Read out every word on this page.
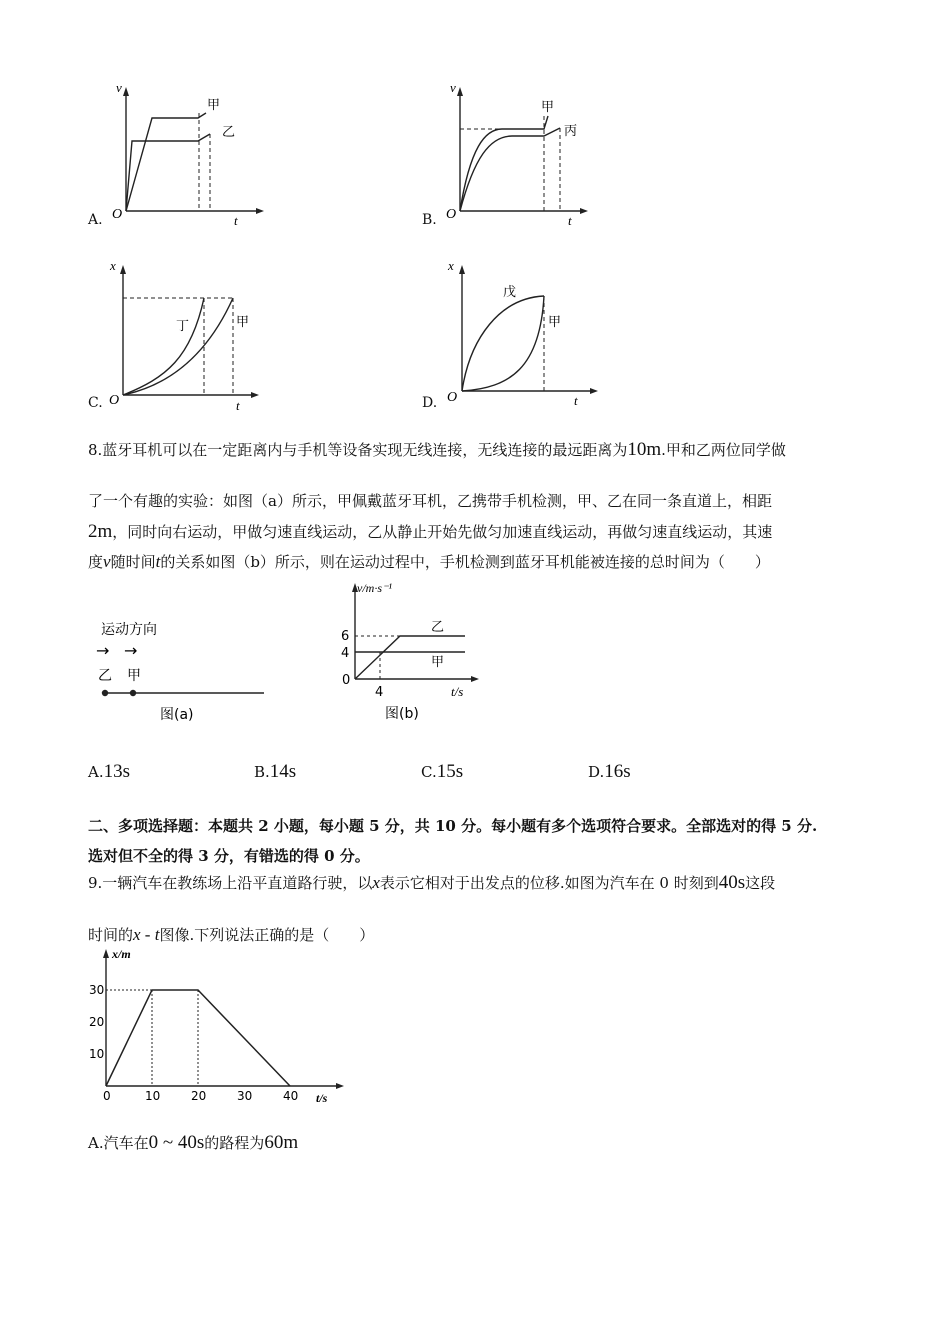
A.
v
t
O
甲
乙
B.
v
t
O
甲
丙
C.
x
t
O
丁	甲
D.
x
t
O
戊
甲
8.蓝牙耳机可以在一定距离内与手机等设备实现无线连接，无线连接的最远距离为10m.甲和乙两位同学做
了一个有趣的实验：如图（a）所示，甲佩戴蓝牙耳机，乙携带手机检测，甲、乙在同一条直道上，相距
2m，同时向右运动，甲做匀速直线运动，乙从静止开始先做匀加速直线运动，再做匀速直线运动，其速
度v随时间t的关系如图（b）所示，则在运动过程中，手机检测到蓝牙耳机能被连接的总时间为（　　）
运动方向
→ →
乙 甲
图(a)
v/m·s⁻¹
t/s
6
4
0
4
乙
甲
图(b)
A.13s	B.14s	C.15s	D.16s
二、多项选择题：本题共 2 小题，每小题 5 分，共 10 分。每小题有多个选项符合要求。全部选对的得 5 分.
选对但不全的得 3 分，有错选的得 0 分。
9.一辆汽车在教练场上沿平直道路行驶，以x表示它相对于出发点的位移.如图为汽车在 0 时刻到40s这段
时间的x - t图像.下列说法正确的是（　　）
x/m
t/s
0	10	20	30	40
10
20
30
A.汽车在0 ~ 40s的路程为60m
